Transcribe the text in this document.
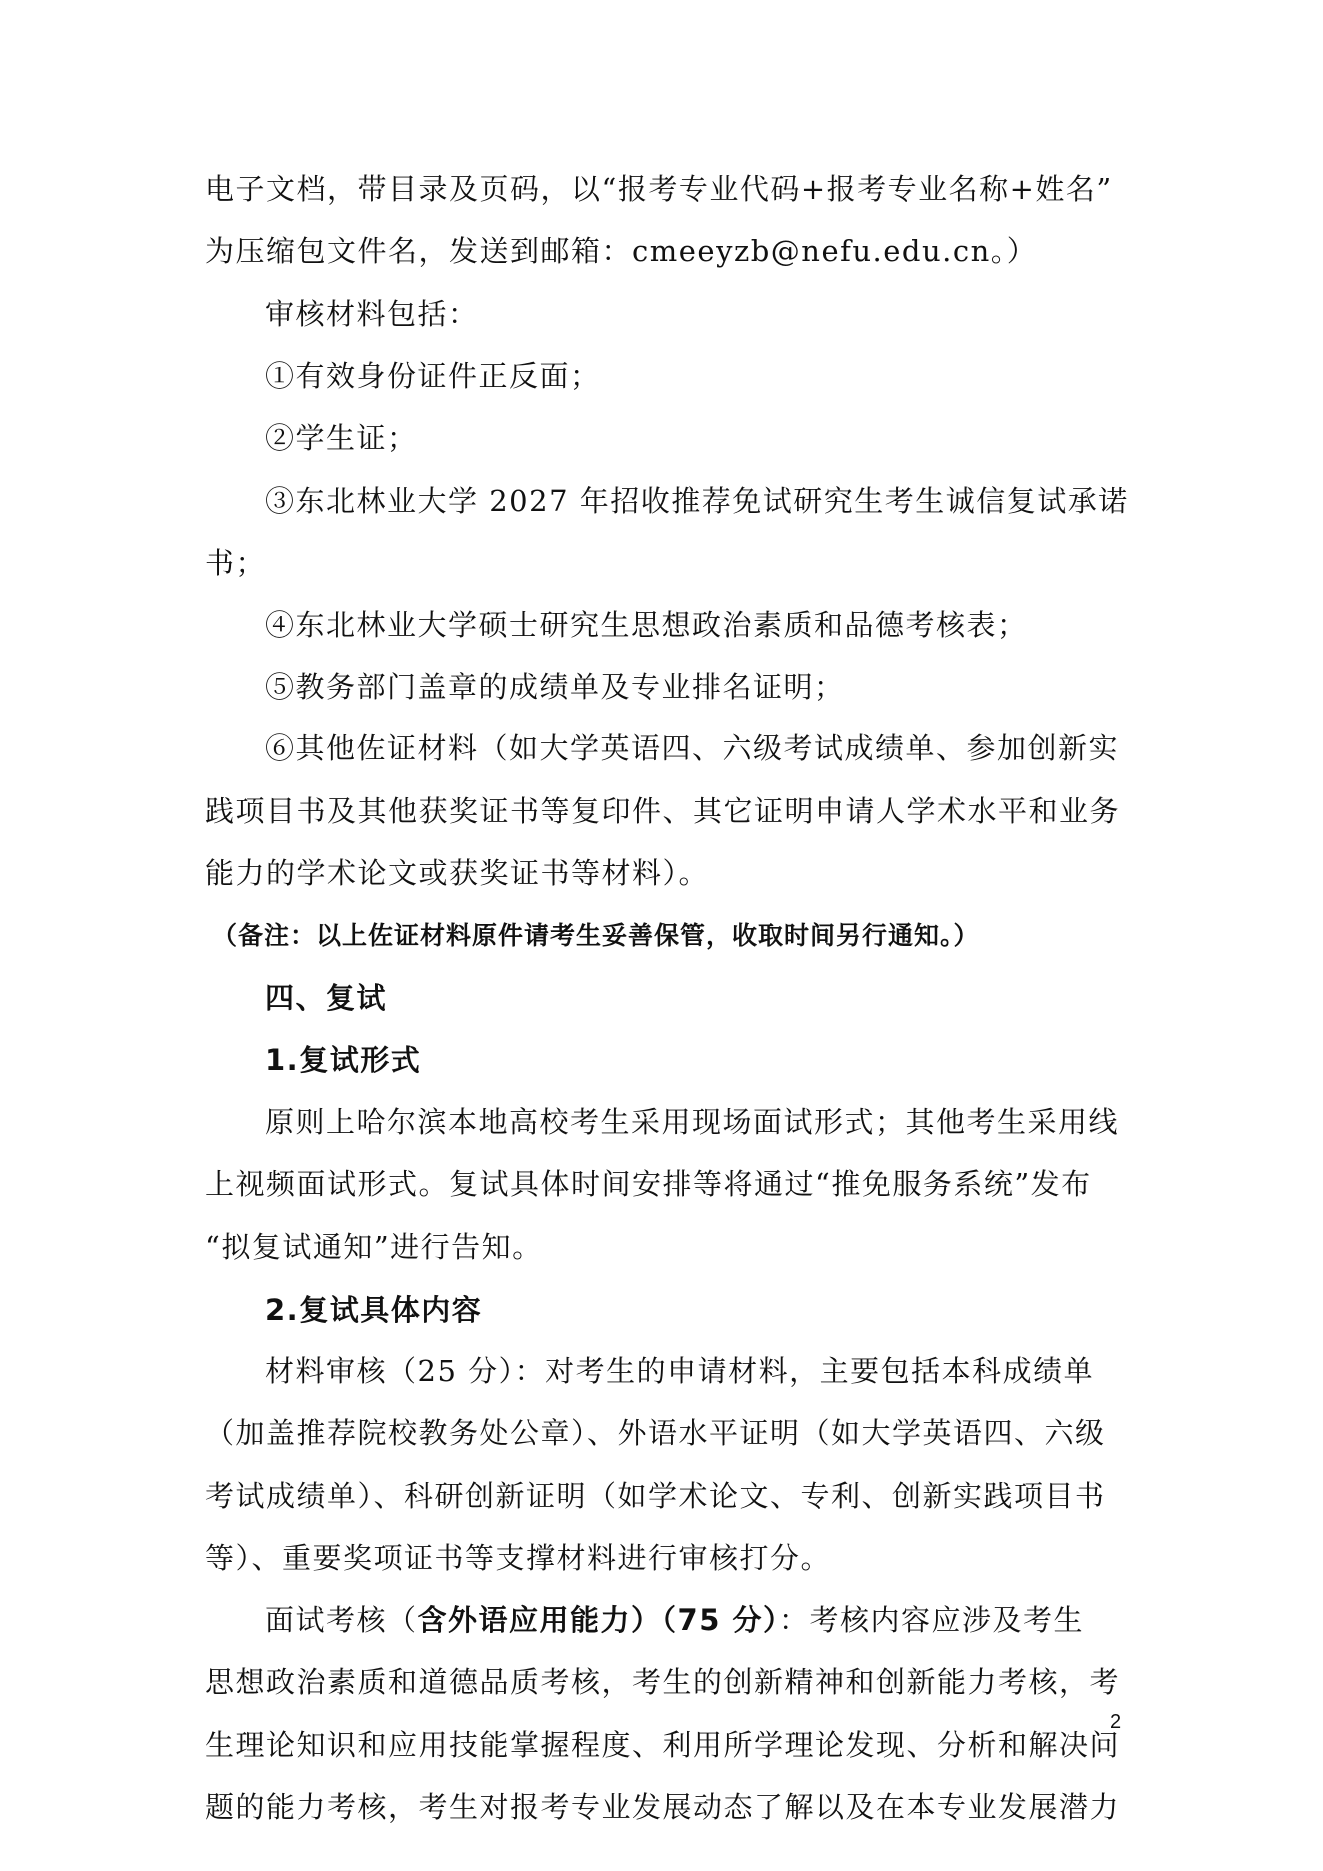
电子文档，带目录及页码，以“报考专业代码+报考专业名称+姓名”
为压缩包文件名，发送到邮箱：cmeeyzb@nefu.edu.cn。）
审核材料包括：
①有效身份证件正反面；
②学生证；
③东北林业大学 2027 年招收推荐免试研究生考生诚信复试承诺
书；
④东北林业大学硕士研究生思想政治素质和品德考核表；
⑤教务部门盖章的成绩单及专业排名证明；
⑥其他佐证材料（如大学英语四、六级考试成绩单、参加创新实
践项目书及其他获奖证书等复印件、其它证明申请人学术水平和业务
能力的学术论文或获奖证书等材料）。
（备注：以上佐证材料原件请考生妥善保管，收取时间另行通知。）
四、复试
1.复试形式
原则上哈尔滨本地高校考生采用现场面试形式；其他考生采用线
上视频面试形式。复试具体时间安排等将通过“推免服务系统”发布
“拟复试通知”进行告知。
2.复试具体内容
材料审核（25 分）：对考生的申请材料，主要包括本科成绩单
（加盖推荐院校教务处公章）、外语水平证明（如大学英语四、六级
考试成绩单）、科研创新证明（如学术论文、专利、创新实践项目书
等）、重要奖项证书等支撑材料进行审核打分。
面试考核（含外语应用能力）（75 分）：考核内容应涉及考生
思想政治素质和道德品质考核，考生的创新精神和创新能力考核，考
生理论知识和应用技能掌握程度、利用所学理论发现、分析和解决问
题的能力考核，考生对报考专业发展动态了解以及在本专业发展潜力
2
